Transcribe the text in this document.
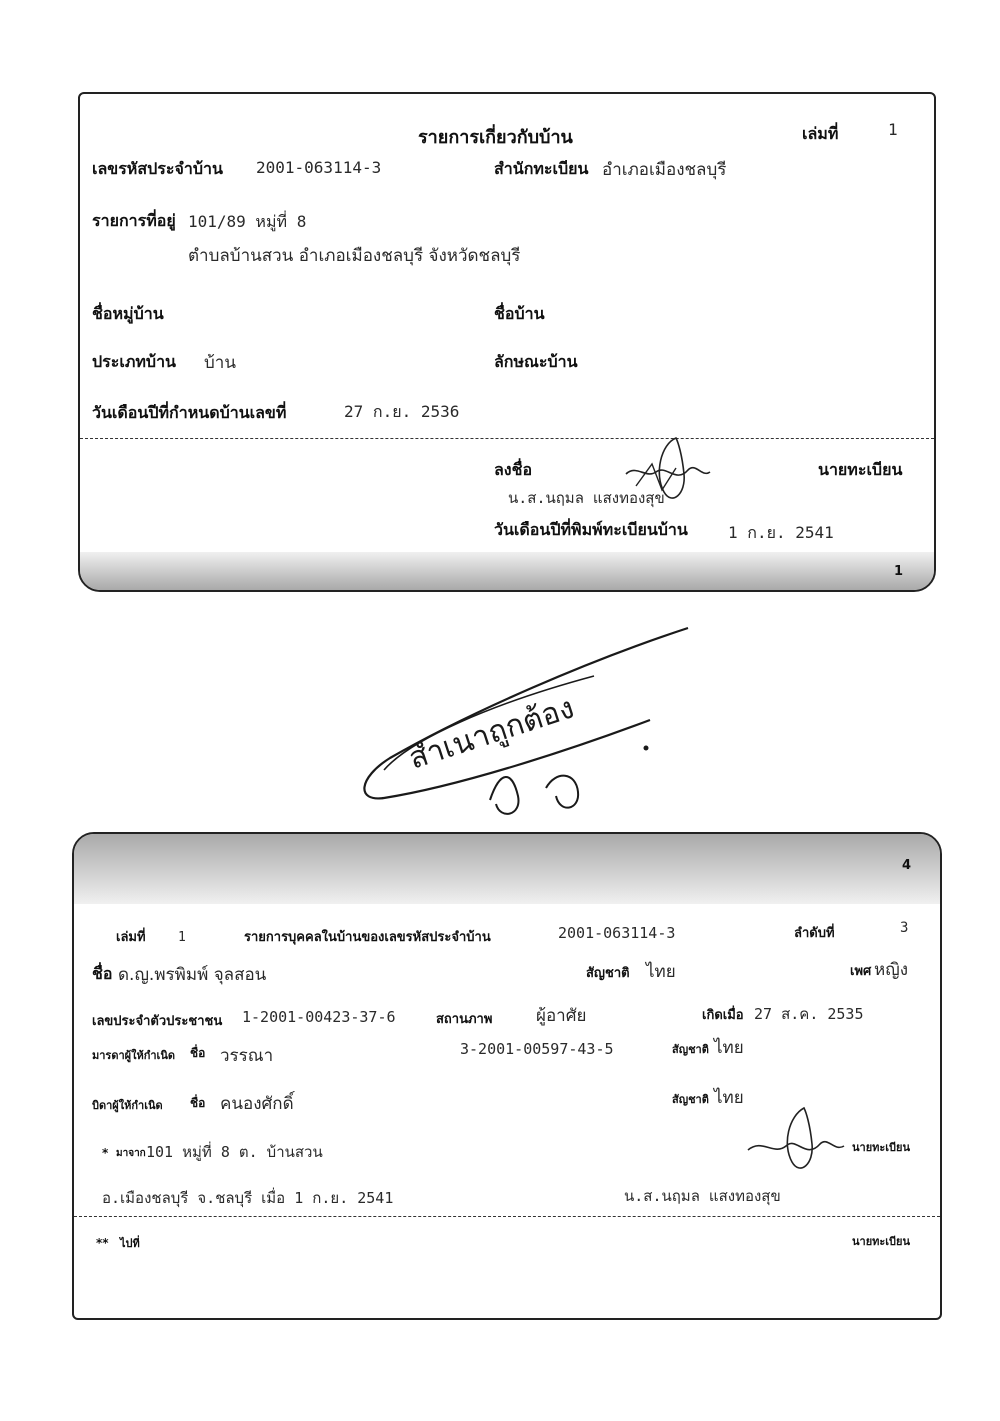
รายการเกี่ยวกับบ้าน	เล่มที่	1
เลขรหัสประจำบ้าน 2001-063114-3	สำนักทะเบียน อำเภอเมืองชลบุรี
รายการที่อยู่ 101/89 หมู่ที่ 8
ตำบลบ้านสวน อำเภอเมืองชลบุรี จังหวัดชลบุรี
ชื่อหมู่บ้าน	ชื่อบ้าน
ประเภทบ้าน บ้าน	ลักษณะบ้าน
วันเดือนปีที่กำหนดบ้านเลขที่	27 ก.ย. 2536
ลงชื่อ	นายทะเบียน
น.ส.นฤมล แสงทองสุข
วันเดือนปีที่พิมพ์ทะเบียนบ้าน	1 ก.ย. 2541
1
สำเนาถูกต้อง
4
เล่มที่ 1	รายการบุคคลในบ้านของเลขรหัสประจำบ้าน	2001-063114-3	ลำดับที่	3
ชื่อ ด.ญ.พรพิมพ์ จุลสอน	สัญชาติ ไทย	เพศ หญิง
เลขประจำตัวประชาชน 1-2001-00423-37-6	สถานภาพ	ผู้อาศัย	เกิดเมื่อ 27 ส.ค. 2535
มารดาผู้ให้กำเนิด ชื่อ วรรณา	3-2001-00597-43-5	สัญชาติ ไทย
บิดาผู้ให้กำเนิด ชื่อ คนองศักดิ์	สัญชาติ ไทย
* มาจาก 101 หมู่ที่ 8 ต. บ้านสวน	นายทะเบียน
อ.เมืองชลบุรี จ.ชลบุรี เมื่อ 1 ก.ย. 2541	น.ส.นฤมล แสงทองสุข
** ไปที่	นายทะเบียน
